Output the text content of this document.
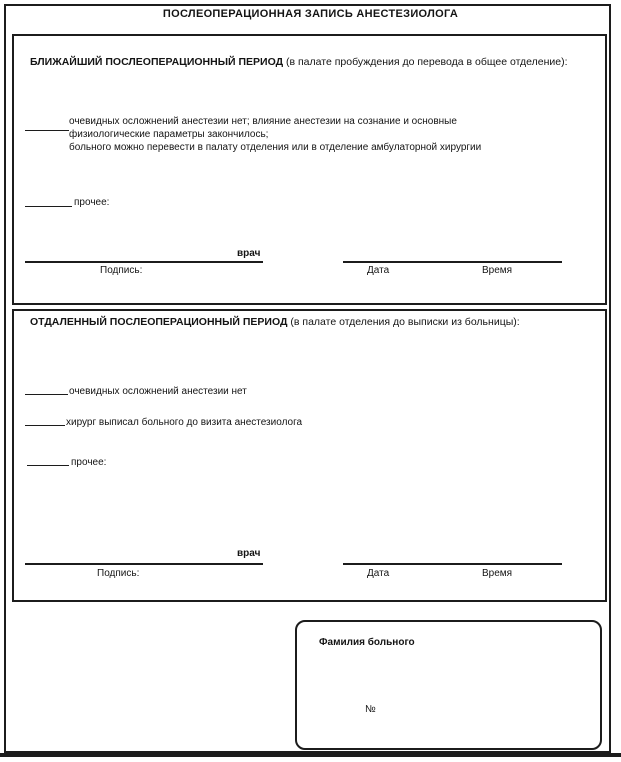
ПОСЛЕОПЕРАЦИОННАЯ ЗАПИСЬ АНЕСТЕЗИОЛОГА
БЛИЖАЙШИЙ ПОСЛЕОПЕРАЦИОННЫЙ ПЕРИОД (в палате пробуждения до перевода в общее отделение):
очевидных осложнений анестезии нет; влияние анестезии на сознание и основные
физиологические параметры закончилось;
больного можно перевести в палату отделения или в отделение амбулаторной хирургии
прочее:
врач
Подпись:	Дата	Время
ОТДАЛЕННЫЙ ПОСЛЕОПЕРАЦИОННЫЙ ПЕРИОД (в палате отделения до выписки из больницы):
очевидных осложнений анестезии нет
хирург выписал больного до визита анестезиолога
прочее:
врач
Подпись:	Дата	Время
Фамилия больного
№
